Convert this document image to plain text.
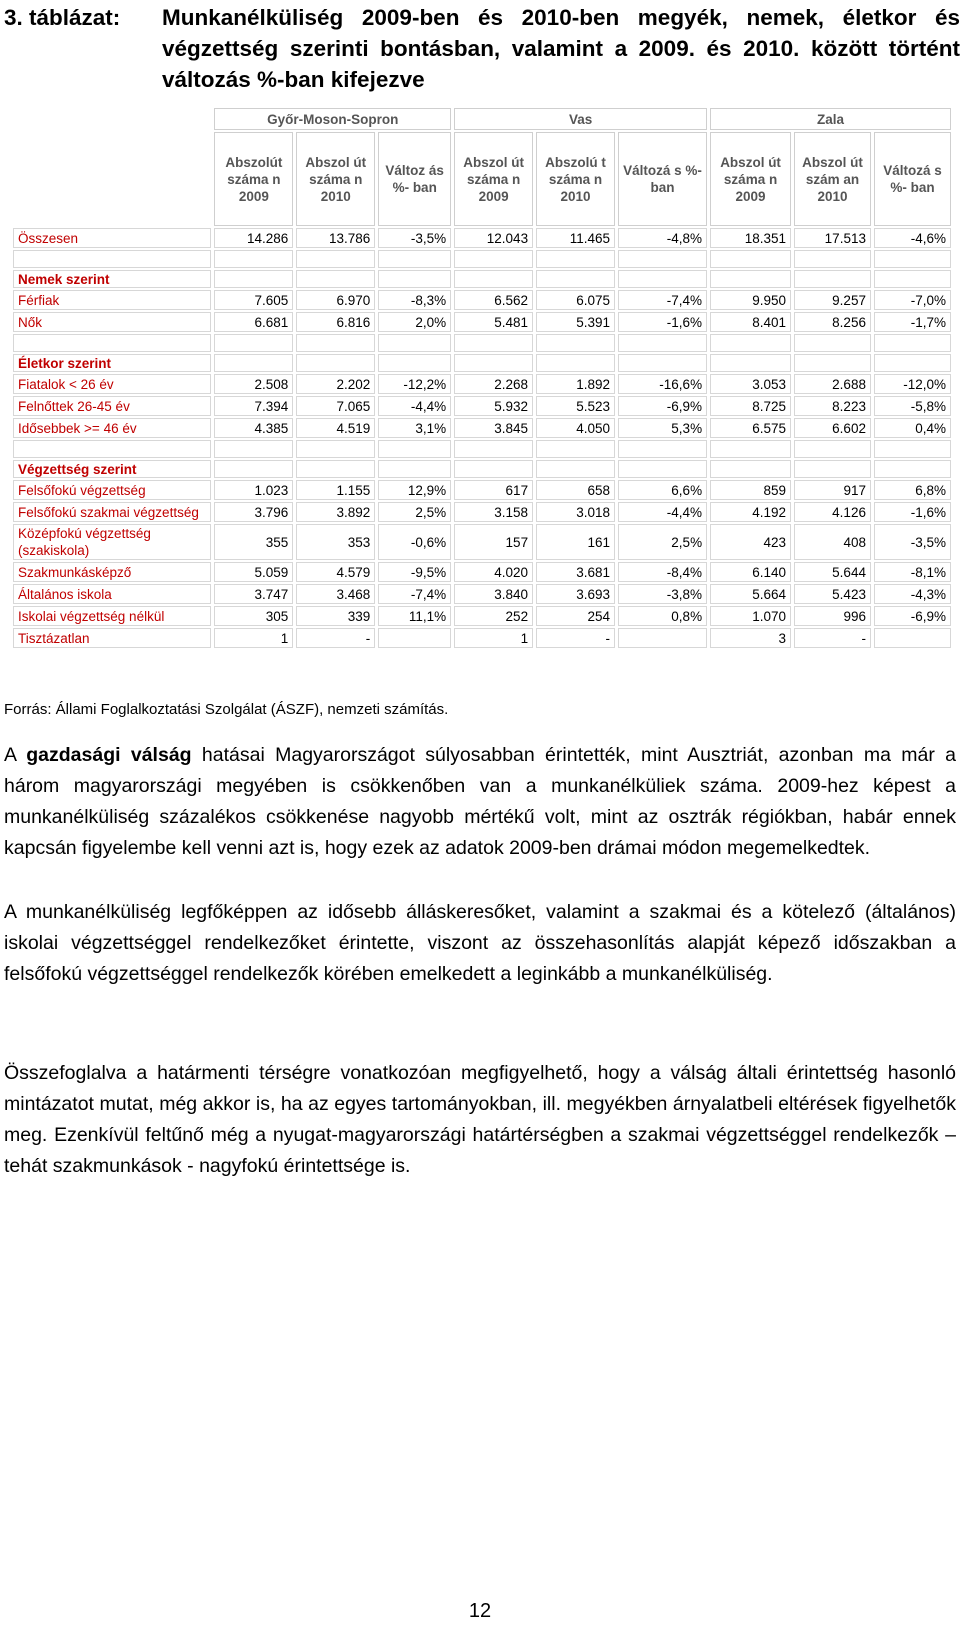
3. táblázat: Munkanélküliség 2009-ben és 2010-ben megyék, nemek, életkor és végzettség szerinti bontásban, valamint a 2009. és 2010. között történt változás %-ban kifejezve
	Győr-Moson-Sopron			Vas			Zala		
	Abszolút száma n 2009	Abszol út száma n 2010	Változ ás %- ban	Abszol út száma n 2009	Abszolú t száma n 2010	Változá s %-ban	Abszol út száma n 2009	Abszol út szám an 2010	Változá s %- ban
Összesen	14.286	13.786	-3,5%	12.043	11.465	-4,8%	18.351	17.513	-4,6%

Nemek szerint									
Férfiak	7.605	6.970	-8,3%	6.562	6.075	-7,4%	9.950	9.257	-7,0%
Nők	6.681	6.816	2,0%	5.481	5.391	-1,6%	8.401	8.256	-1,7%

Életkor szerint									
Fiatalok < 26 év	2.508	2.202	-12,2%	2.268	1.892	-16,6%	3.053	2.688	-12,0%
Felnőttek 26-45 év	7.394	7.065	-4,4%	5.932	5.523	-6,9%	8.725	8.223	-5,8%
Idősebbek >= 46 év	4.385	4.519	3,1%	3.845	4.050	5,3%	6.575	6.602	0,4%

Végzettség szerint									
Felsőfokú végzettség	1.023	1.155	12,9%	617	658	6,6%	859	917	6,8%
Felsőfokú szakmai végzettség	3.796	3.892	2,5%	3.158	3.018	-4,4%	4.192	4.126	-1,6%
Középfokú végzettség (szakiskola)	355	353	-0,6%	157	161	2,5%	423	408	-3,5%
Szakmunkásképző	5.059	4.579	-9,5%	4.020	3.681	-8,4%	6.140	5.644	-8,1%
Általános iskola	3.747	3.468	-7,4%	3.840	3.693	-3,8%	5.664	5.423	-4,3%
Iskolai végzettség nélkül	305	339	11,1%	252	254	0,8%	1.070	996	-6,9%
Tisztázatlan	1	-		1	-		3	-	
Forrás: Állami Foglalkoztatási Szolgálat (ÁSZF), nemzeti számítás.
A gazdasági válság hatásai Magyarországot súlyosabban érintették, mint Ausztriát, azonban ma már a három magyarországi megyében is csökkenőben van a munkanélküliek száma. 2009-hez képest a munkanélküliség százalékos csökkenése nagyobb mértékű volt, mint az osztrák régiókban, habár ennek kapcsán figyelembe kell venni azt is, hogy ezek az adatok 2009-ben drámai módon megemelkedtek.
A munkanélküliség legfőképpen az idősebb álláskeresőket, valamint a szakmai és a kötelező (általános) iskolai végzettséggel rendelkezőket érintette, viszont az összehasonlítás alapját képező időszakban a felsőfokú végzettséggel rendelkezők körében emelkedett a leginkább a munkanélküliség.
Összefoglalva a határmenti térségre vonatkozóan megfigyelhető, hogy a válság általi érintettség hasonló mintázatot mutat, még akkor is, ha az egyes tartományokban, ill. megyékben árnyalatbeli eltérések figyelhetők meg. Ezenkívül feltűnő még a nyugat-magyarországi határtérségben a szakmai végzettséggel rendelkezők – tehát szakmunkások - nagyfokú érintettsége is.
12
